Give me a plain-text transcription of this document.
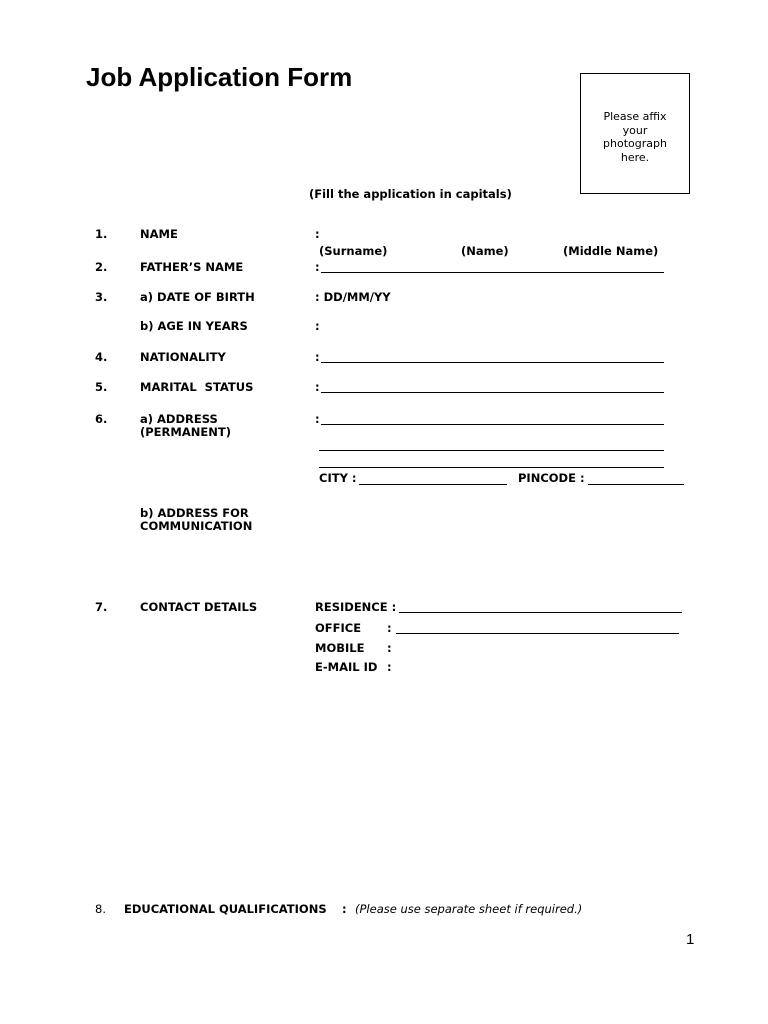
Job Application Form
Please affix your photograph here.
(Fill the application in capitals)
1.	NAME	:
(Surname)	(Name)	(Middle Name)
2.	FATHER’S NAME	:
3.	a) DATE OF BIRTH	: DD/MM/YY
b) AGE IN YEARS	:
4.	NATIONALITY	:
5.	MARITAL  STATUS	:
6.	a) ADDRESS
(PERMANENT)
:
CITY :	PINCODE :
b) ADDRESS FOR
COMMUNICATION
7.	CONTACT DETAILS	RESIDENCE :
OFFICE :
MOBILE :
E-MAIL ID :
8. EDUCATIONAL QUALIFICATIONS : (Please use separate sheet if required.)
1
